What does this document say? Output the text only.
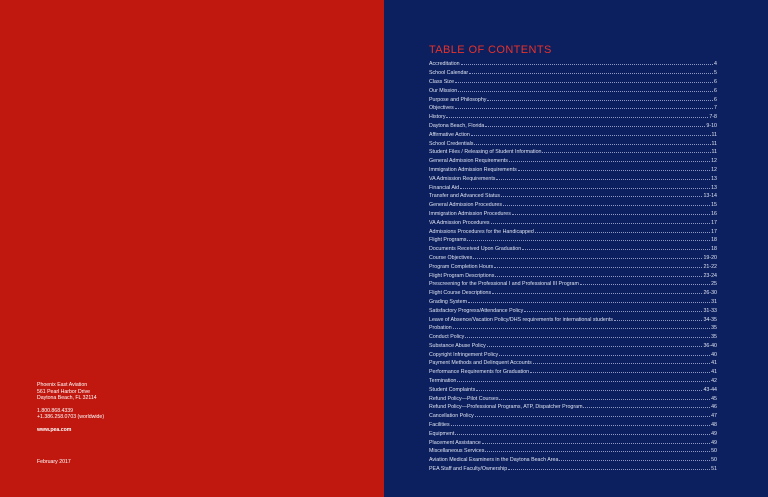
Phoenix East Aviation
561 Pearl Harbor Drive
Daytona Beach, FL 32114
1.800.868.4339
+1.386.258.0703 (worldwide)
www.pea.com
February 2017
TABLE OF CONTENTS
Accreditation	4
School Calendar	5
Class Size	6
Our Mission	6
Purpose and Philosophy	6
Objectives	7
History	7-8
Daytona Beach, Florida	9-10
Affirmative Action	11
School Credentials	11
Student Files / Releasing of Student Information	11
General Admission Requirements	12
Immigration Admission Requirements	12
VA Admission Requirements	13
Financial Aid	13
Transfer and Advanced Status	13-14
General Admission Procedures	15
Immigration Admission Procedures	16
VA Admission Procedures	17
Admissions Procedures for the Handicapped	17
Flight Programs	18
Documents Received Upon Graduation	18
Course Objectives	19-20
Program Completion Hours	21-22
Flight Program Descriptions	23-24
Prescreening for the Professional I and Professional III Program	25
Flight Course Descriptions	26-30
Grading System	31
Satisfactory Progress/Attendance Policy	31-33
Leave of Absence/Vacation Policy/DHS requirements for international students	34-35
Probation	35
Conduct Policy	35
Substance Abuse Policy	36-40
Copyright Infringement Policy	40
Payment Methods and Delinquent Accounts	41
Performance Requirements for Graduation	41
Termination	42
Student Complaints	43-44
Refund Policy—Pilot Courses	45
Refund Policy—Professional Programs, ATP, Dispatcher Program	46
Cancellation Policy	47
Facilities	48
Equipment	49
Placement Assistance	49
Miscellaneous Services	50
Aviation Medical Examiners in the Daytona Beach Area	50
PEA Staff and Faculty/Ownership	51
